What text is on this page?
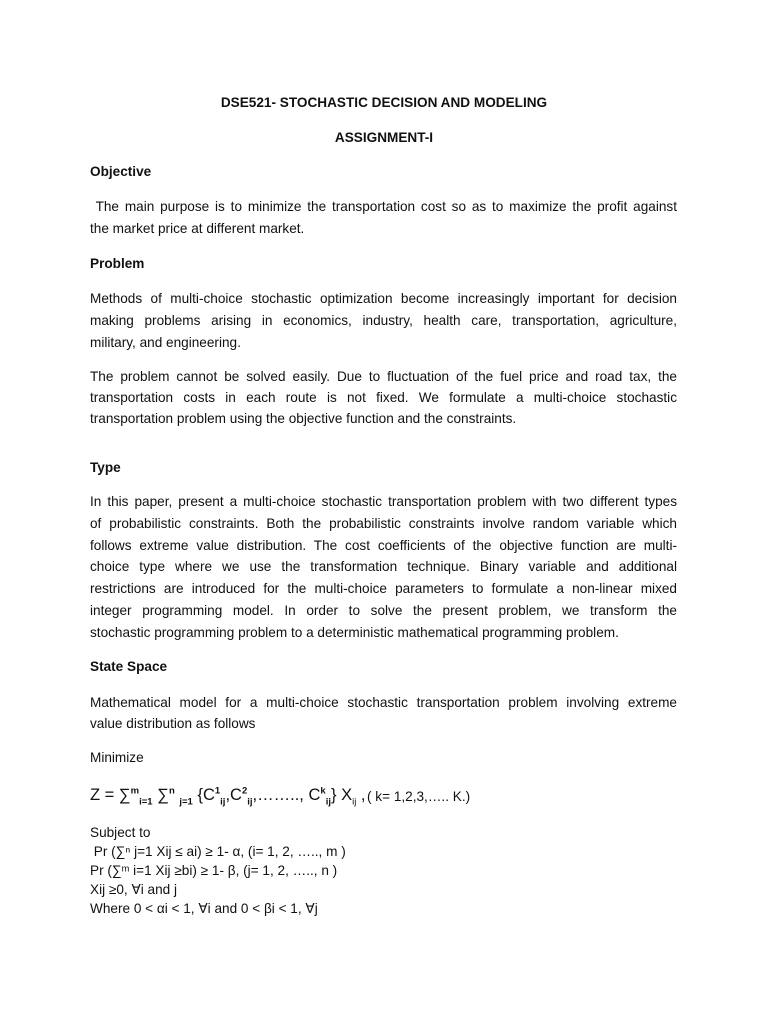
DSE521- STOCHASTIC DECISION AND MODELING
ASSIGNMENT-I
Objective
The main purpose is to minimize the transportation cost so as to maximize the profit against
the market price at different market.
Problem
Methods of multi-choice stochastic optimization become increasingly important for decision
making problems arising in economics, industry, health care, transportation, agriculture,
military, and engineering.
The problem cannot be solved easily. Due to fluctuation of the fuel price and road tax, the
transportation costs in each route is not fixed. We formulate a multi-choice stochastic
transportation problem using the objective function and the constraints.
Type
In this paper, present a multi-choice stochastic transportation problem with two different types
of probabilistic constraints. Both the probabilistic constraints involve random variable which
follows extreme value distribution. The cost coefficients of the objective function are multi-
choice type where we use the transformation technique. Binary variable and additional
restrictions are introduced for the multi-choice parameters to formulate a non-linear mixed
integer programming model. In order to solve the present problem, we transform the
stochastic programming problem to a deterministic mathematical programming problem.
State Space
Mathematical model for a multi-choice stochastic transportation problem involving extreme
value distribution as follows
Minimize
Z = ∑$^m_{i=1}$ ∑$^n$ $_{j=1}$ {$C^1_{ij},C^2_{ij},\dots\dots$.., $C^k_{ij}$} $X_{ij}$ , ( k= 1,2,3,….. K.)
Subject to
Pr (∑ⁿ j=1 Xij ≤ ai) ≥ 1- α, (i= 1, 2, ….., m )
Pr (∑ᵐ i=1 Xij ≥bi) ≥ 1- β, (j= 1, 2, ….., n )
Xij ≥0, ∀i and j
Where 0 < αi < 1, ∀i and 0 < βi < 1, ∀j
